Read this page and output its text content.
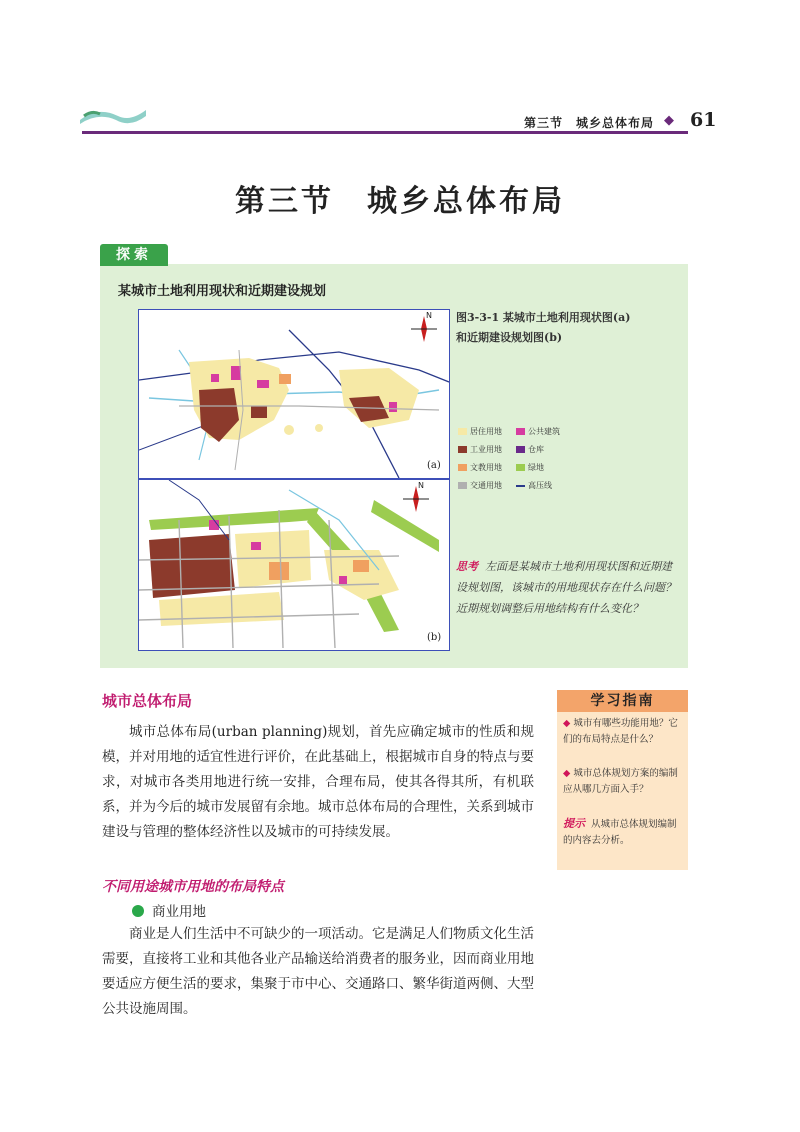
第三节　城乡总体布局 ◆ 61
第三节　城乡总体布局
探索
某城市土地利用现状和近期建设规划
(a)
N
(b)
N
图3-3-1 某城市土地利用现状图(a)
和近期建设规划图(b)
居住用地	公共建筑
工业用地	仓库
文教用地	绿地
交通用地	高压线
思考 左面是某城市土地利用现状图和近期建设规划图，该城市的用地现状存在什么问题？近期规划调整后用地结构有什么变化？
城市总体布局
城市总体布局(urban planning)规划，首先应确定城市的性质和规模，并对用地的适宜性进行评价，在此基础上，根据城市自身的特点与要求，对城市各类用地进行统一安排，合理布局，使其各得其所，有机联系，并为今后的城市发展留有余地。城市总体布局的合理性，关系到城市建设与管理的整体经济性以及城市的可持续发展。
不同用途城市用地的布局特点
商业用地
商业是人们生活中不可缺少的一项活动。它是满足人们物质文化生活需要，直接将工业和其他各业产品输送给消费者的服务业，因而商业用地要适应方便生活的要求，集聚于市中心、交通路口、繁华街道两侧、大型公共设施周围。
学习指南
◆ 城市有哪些功能用地？它们的布局特点是什么？
◆ 城市总体规划方案的编制应从哪几方面入手？
提示 从城市总体规划编制的内容去分析。
